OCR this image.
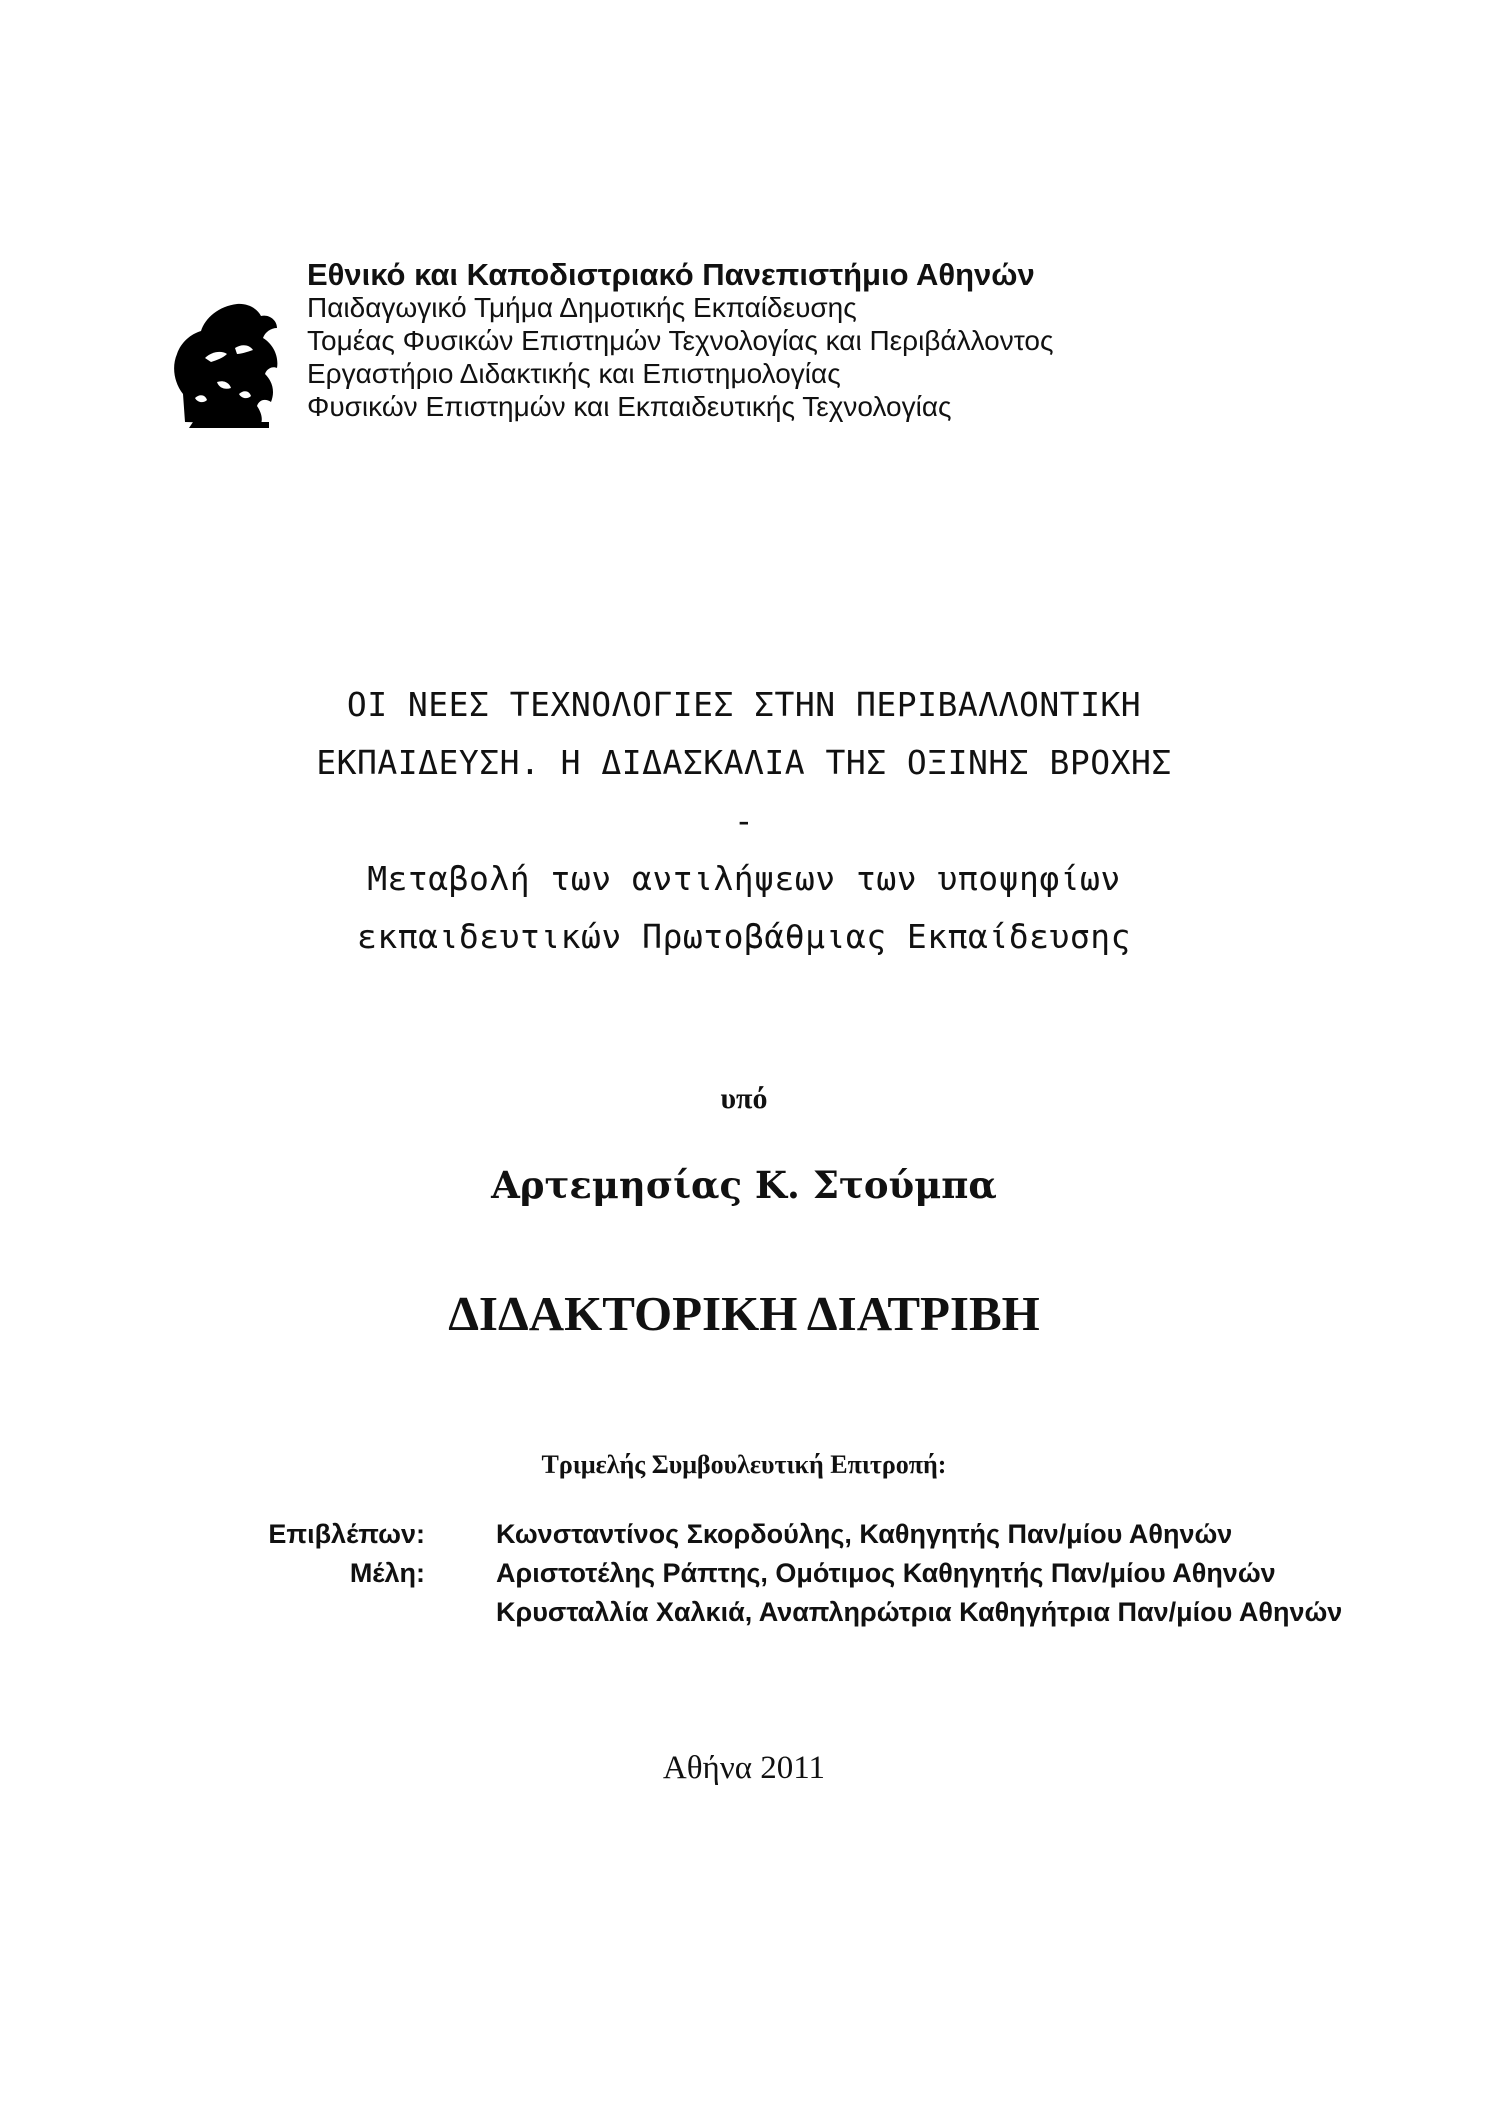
Εθνικό και Καποδιστριακό Πανεπιστήμιο Αθηνών
Παιδαγωγικό Τμήμα Δημοτικής Εκπαίδευσης
Τομέας Φυσικών Επιστημών Τεχνολογίας και Περιβάλλοντος
Εργαστήριο Διδακτικής και Επιστημολογίας
Φυσικών Επιστημών και Εκπαιδευτικής Τεχνολογίας
ΟΙ ΝΕΕΣ ΤΕΧΝΟΛΟΓΙΕΣ ΣΤΗΝ ΠΕΡΙΒΑΛΛΟΝΤΙΚΗ
ΕΚΠΑΙΔΕΥΣΗ. Η ΔΙΔΑΣΚΑΛΙΑ ΤΗΣ ΟΞΙΝΗΣ ΒΡΟΧΗΣ
-
Μεταβολή των αντιλήψεων των υποψηφίων
εκπαιδευτικών Πρωτοβάθμιας Εκπαίδευσης
υπό
Αρτεμησίας Κ. Στούμπα
ΔΙΔΑΚΤΟΡΙΚΗ ΔΙΑΤΡΙΒΗ
Τριμελής Συμβουλευτική Επιτροπή:
Επιβλέπων:	Κωνσταντίνος Σκορδούλης, Καθηγητής Παν/μίου Αθηνών
Μέλη:	Αριστοτέλης Ράπτης, Ομότιμος Καθηγητής Παν/μίου Αθηνών
Κρυσταλλία Χαλκιά, Αναπληρώτρια Καθηγήτρια Παν/μίου Αθηνών
Αθήνα 2011
